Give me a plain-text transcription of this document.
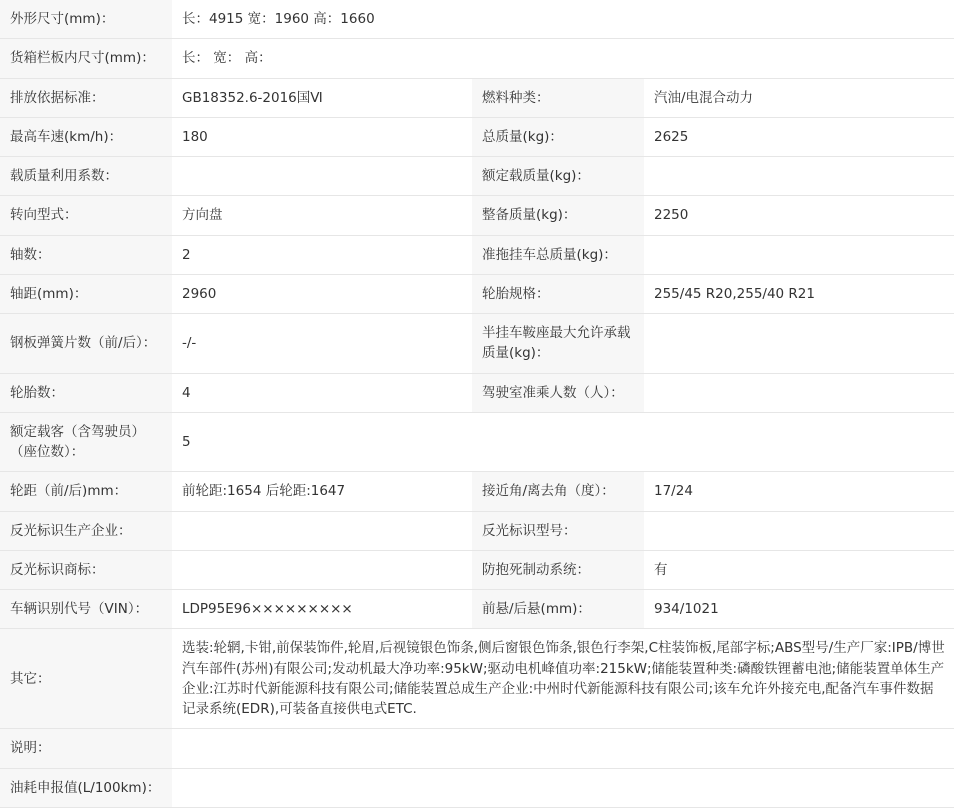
外形尺寸(mm)：	长：4915 宽：1960 高：1660		
货箱栏板内尺寸(mm)：	长： 宽： 高：		
排放依据标准：	GB18352.6-2016国Ⅵ	燃料种类：	汽油/电混合动力
最高车速(km/h)：	180	总质量(kg)：	2625
载质量利用系数：		额定载质量(kg)：	
转向型式：	方向盘	整备质量(kg)：	2250
轴数：	2	准拖挂车总质量(kg)：	
轴距(mm)：	2960	轮胎规格：	255/45 R20,255/40 R21
钢板弹簧片数（前/后）：	-/-	半挂车鞍座最大允许承载质量(kg)：	
轮胎数：	4	驾驶室准乘人数（人）：	
额定载客（含驾驶员）（座位数）：	5		
轮距（前/后)mm：	前轮距:1654 后轮距:1647	接近角/离去角（度）：	17/24
反光标识生产企业：		反光标识型号：	
反光标识商标：		防抱死制动系统：	有
车辆识别代号（VIN）：	LDP95E96×××××××××	前悬/后悬(mm)：	934/1021
其它：	选装:轮辋,卡钳,前保装饰件,轮眉,后视镜银色饰条,侧后窗银色饰条,银色行李架,C柱装饰板,尾部字标;ABS型号/生产厂家:IPB/博世汽车部件(苏州)有限公司;发动机最大净功率:95kW;驱动电机峰值功率:215kW;储能装置种类:磷酸铁锂蓄电池;储能装置单体生产企业:江苏时代新能源科技有限公司;储能装置总成生产企业:中州时代新能源科技有限公司;该车允许外接充电,配备汽车事件数据记录系统(EDR),可装备直接供电式ETC.		
说明：			
油耗申报值(L/100km)：			
